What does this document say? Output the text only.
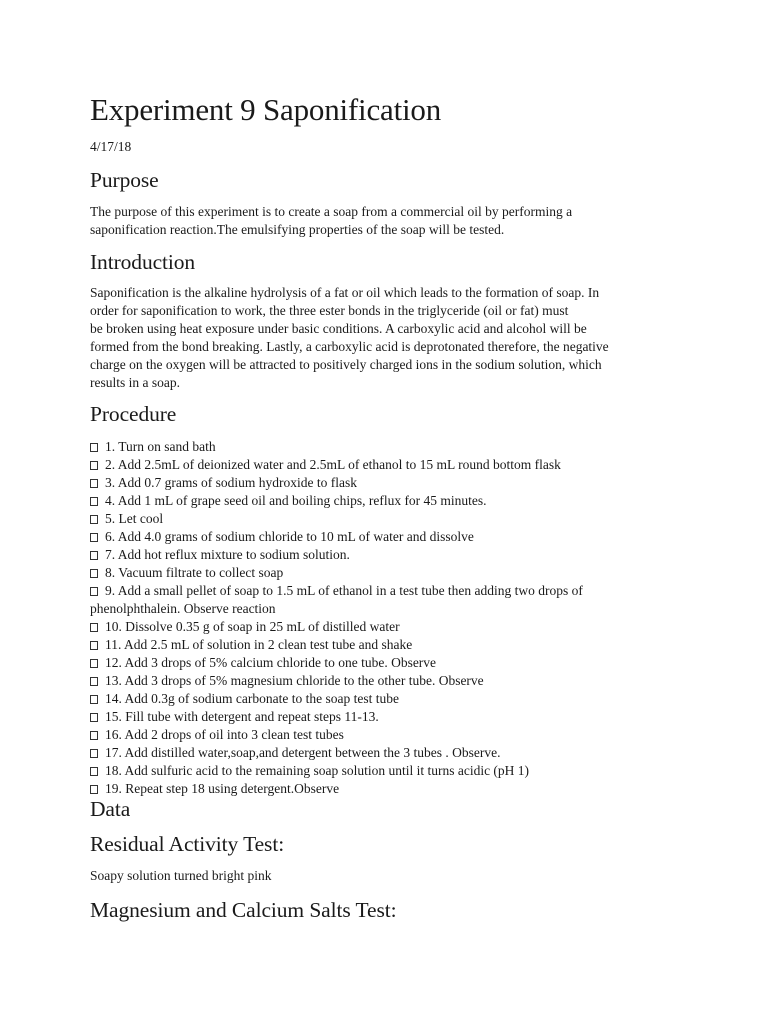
Experiment 9 Saponification
4/17/18
Purpose

The purpose of this experiment is to create a soap from a commercial oil by performing a
saponification reaction.The emulsifying properties of the soap will be tested.

Introduction

Saponification is the alkaline hydrolysis of a fat or oil which leads to the formation of soap. In
order for saponification to work, the three ester bonds in the triglyceride (oil or fat) must
be broken using heat exposure under basic conditions. A carboxylic acid and alcohol will be
formed from the bond breaking. Lastly, a carboxylic acid is deprotonated therefore, the negative
charge on the oxygen will be attracted to positively charged ions in the sodium solution, which
results in a soap.

Procedure
1. Turn on sand bath
2. Add 2.5mL of deionized water and 2.5mL of ethanol to 15 mL round bottom flask
3. Add 0.7 grams of sodium hydroxide to flask
4. Add 1 mL of grape seed oil and boiling chips, reflux for 45 minutes.
5. Let cool
6. Add 4.0 grams of sodium chloride to 10 mL of water and dissolve
7. Add hot reflux mixture to sodium solution.
8. Vacuum filtrate to collect soap
9. Add a small pellet of soap to 1.5 mL of ethanol in a test tube then adding two drops of phenolphthalein. Observe reaction
10. Dissolve 0.35 g of soap in 25 mL of distilled water
11. Add 2.5 mL of solution in 2 clean test tube and shake
12. Add 3 drops of 5% calcium chloride to one tube. Observe
13. Add 3 drops of 5% magnesium chloride to the other tube. Observe
14. Add 0.3g of sodium carbonate to the soap test tube
15. Fill tube with detergent and repeat steps 11-13.
16. Add 2 drops of oil into 3 clean test tubes
17. Add distilled water,soap,and detergent between the 3 tubes . Observe.
18. Add sulfuric acid to the remaining soap solution until it turns acidic (pH 1)
19. Repeat step 18 using detergent.Observe
Data
Residual Activity Test:

Soapy solution turned bright pink

Magnesium and Calcium Salts Test:
